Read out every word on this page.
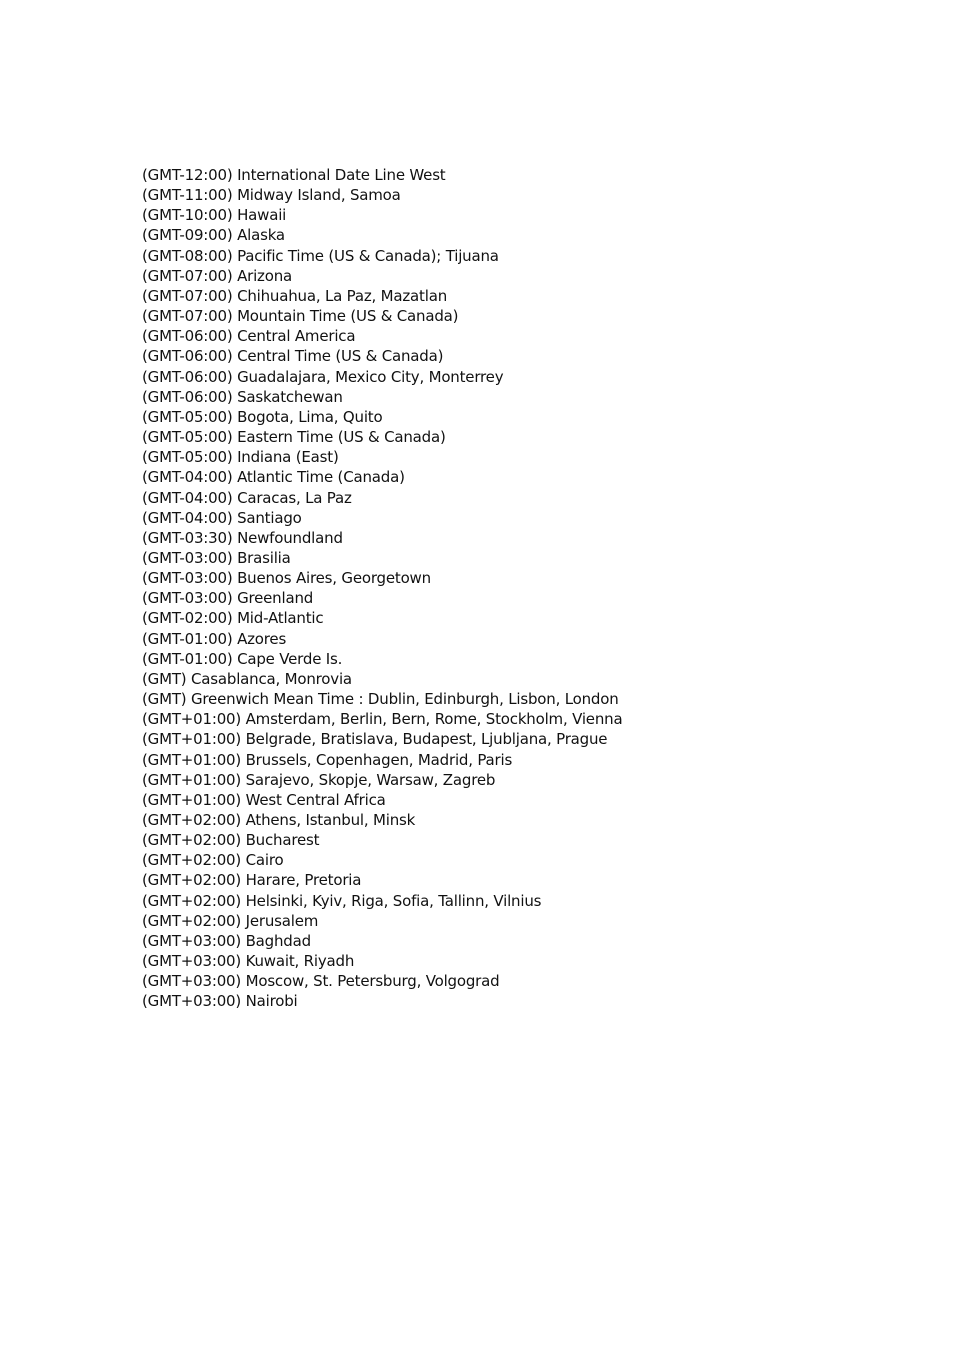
(GMT-12:00) International Date Line West
(GMT-11:00) Midway Island, Samoa
(GMT-10:00) Hawaii
(GMT-09:00) Alaska
(GMT-08:00) Pacific Time (US & Canada); Tijuana
(GMT-07:00) Arizona
(GMT-07:00) Chihuahua, La Paz, Mazatlan
(GMT-07:00) Mountain Time (US & Canada)
(GMT-06:00) Central America
(GMT-06:00) Central Time (US & Canada)
(GMT-06:00) Guadalajara, Mexico City, Monterrey
(GMT-06:00) Saskatchewan
(GMT-05:00) Bogota, Lima, Quito
(GMT-05:00) Eastern Time (US & Canada)
(GMT-05:00) Indiana (East)
(GMT-04:00) Atlantic Time (Canada)
(GMT-04:00) Caracas, La Paz
(GMT-04:00) Santiago
(GMT-03:30) Newfoundland
(GMT-03:00) Brasilia
(GMT-03:00) Buenos Aires, Georgetown
(GMT-03:00) Greenland
(GMT-02:00) Mid-Atlantic
(GMT-01:00) Azores
(GMT-01:00) Cape Verde Is.
(GMT) Casablanca, Monrovia
(GMT) Greenwich Mean Time : Dublin, Edinburgh, Lisbon, London
(GMT+01:00) Amsterdam, Berlin, Bern, Rome, Stockholm, Vienna
(GMT+01:00) Belgrade, Bratislava, Budapest, Ljubljana, Prague
(GMT+01:00) Brussels, Copenhagen, Madrid, Paris
(GMT+01:00) Sarajevo, Skopje, Warsaw, Zagreb
(GMT+01:00) West Central Africa
(GMT+02:00) Athens, Istanbul, Minsk
(GMT+02:00) Bucharest
(GMT+02:00) Cairo
(GMT+02:00) Harare, Pretoria
(GMT+02:00) Helsinki, Kyiv, Riga, Sofia, Tallinn, Vilnius
(GMT+02:00) Jerusalem
(GMT+03:00) Baghdad
(GMT+03:00) Kuwait, Riyadh
(GMT+03:00) Moscow, St. Petersburg, Volgograd
(GMT+03:00) Nairobi
